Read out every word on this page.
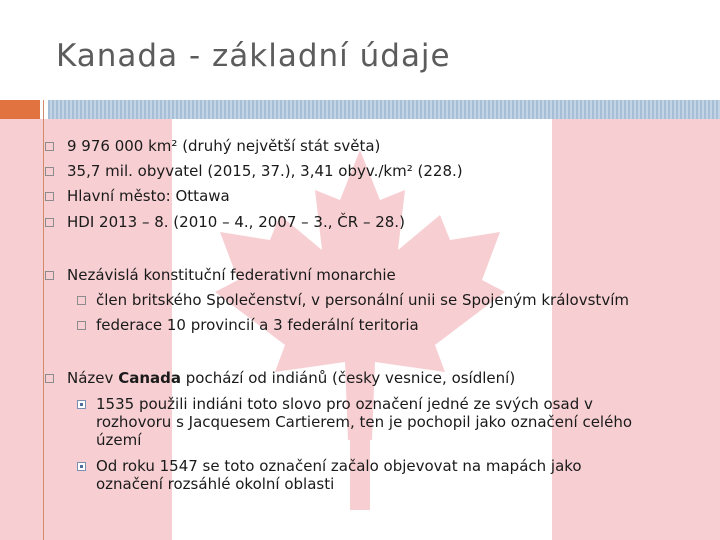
Kanada - základní údaje
9 976 000 km² (druhý největší stát světa)
35,7 mil. obyvatel (2015, 37.), 3,41 obyv./km² (228.)
Hlavní město: Ottawa
HDI 2013 – 8. (2010 – 4., 2007 – 3., ČR – 28.)
Nezávislá konstituční federativní monarchie
člen britského Společenství, v personální unii se Spojeným královstvím
federace 10 provincií a 3 federální teritoria
Název Canada pochází od indiánů (česky vesnice, osídlení)
1535 použili indiáni toto slovo pro označení jedné ze svých osad v
rozhovoru s Jacquesem Cartierem, ten je pochopil jako označení celého
území
Od roku 1547 se toto označení začalo objevovat na mapách jako
označení rozsáhlé okolní oblasti
